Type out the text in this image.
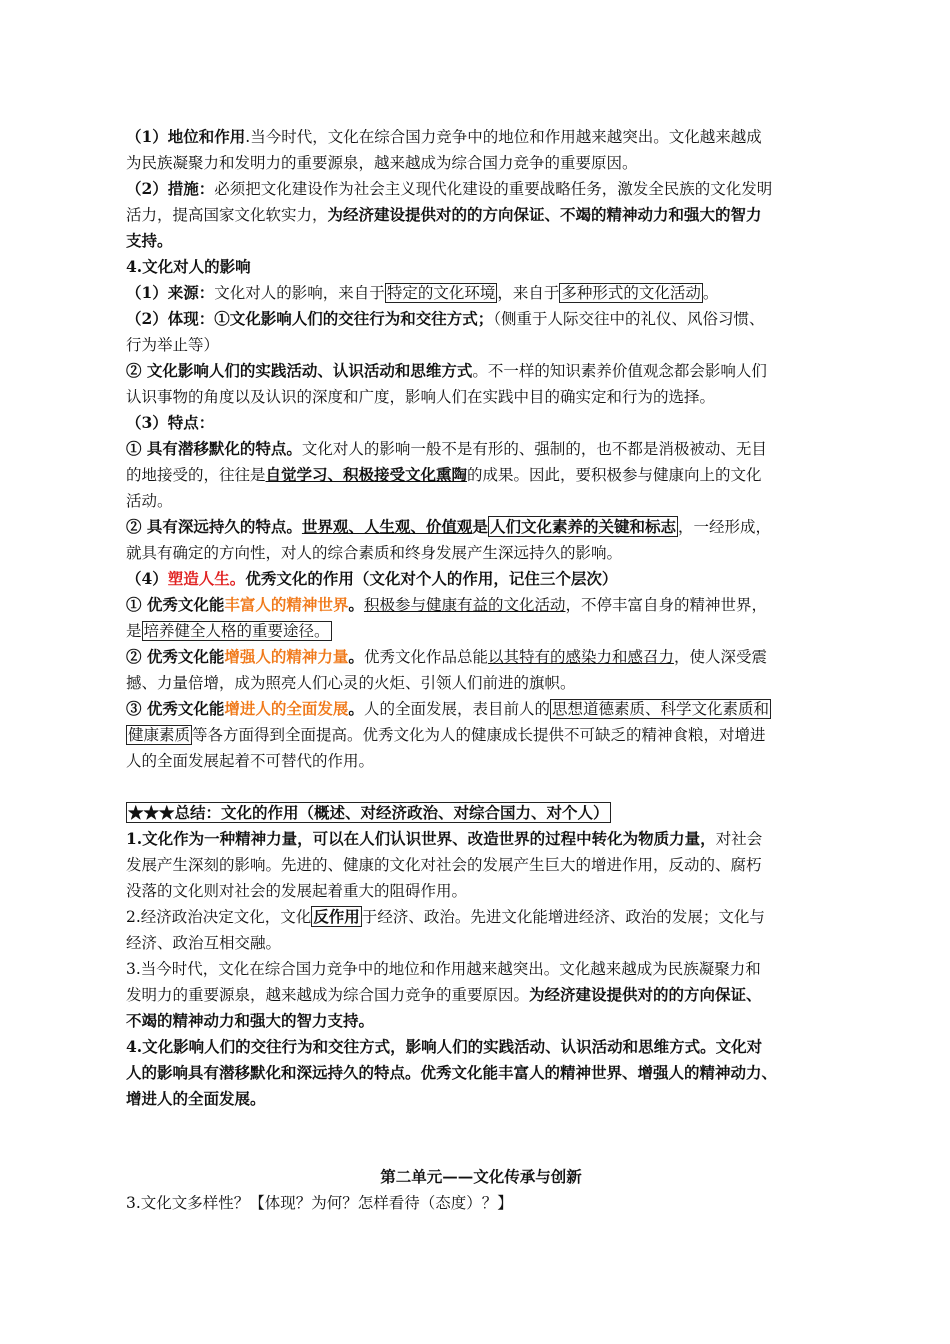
（1）地位和作用.当今时代，文化在综合国力竞争中的地位和作用越来越突出。文化越来越成
为民族凝聚力和发明力的重要源泉，越来越成为综合国力竞争的重要原因。
（2）措施：必须把文化建设作为社会主义现代化建设的重要战略任务，激发全民族的文化发明
活力，提高国家文化软实力，为经济建设提供对的的方向保证、不竭的精神动力和强大的智力
支持。
4.文化对人的影响
（1）来源：文化对人的影响，来自于 特定的文化环境 ，来自于 多种形式的文化活动 。
（2）体现：①文化影响人们的交往行为和交往方式；（侧重于人际交往中的礼仪、风俗习惯、
行为举止等）
② 文化影响人们的实践活动、认识活动和思维方式。不一样的知识素养价值观念都会影响人们
认识事物的角度以及认识的深度和广度，影响人们在实践中目的确实定和行为的选择。
（3）特点：
① 具有潜移默化的特点。文化对人的影响一般不是有形的、强制的，也不都是消极被动、无目
的地接受的，往往是自觉学习、积极接受文化熏陶的成果。因此，要积极参与健康向上的文化
活动。
② 具有深远持久的特点。世界观、人生观、价值观是 人们文化素养的关键和标志 ，一经形成，
就具有确定的方向性，对人的综合素质和终身发展产生深远持久的影响。
（4）塑造人生。优秀文化的作用（文化对个人的作用，记住三个层次）
① 优秀文化能丰富人的精神世界。积极参与健康有益的文化活动，不停丰富自身的精神世界，
是 培养健全人格的重要途径。
② 优秀文化能增强人的精神力量。优秀文化作品总能以其特有的感染力和感召力，使人深受震
撼、力量倍增，成为照亮人们心灵的火炬、引领人们前进的旗帜。
③ 优秀文化能增进人的全面发展。人的全面发展，表目前人的 思想道德素质、科学文化素质和
健康素质 等各方面得到全面提高。优秀文化为人的健康成长提供不可缺乏的精神食粮，对增进
人的全面发展起着不可替代的作用。
★★★总结：文化的作用（概述、对经济政治、对综合国力、对个人）
1.文化作为一种精神力量，可以在人们认识世界、改造世界的过程中转化为物质力量，对社会
发展产生深刻的影响。先进的、健康的文化对社会的发展产生巨大的增进作用，反动的、腐朽
没落的文化则对社会的发展起着重大的阻碍作用。
2.经济政治决定文化，文化 反作用 于经济、政治。先进文化能增进经济、政治的发展；文化与
经济、政治互相交融。
3.当今时代，文化在综合国力竞争中的地位和作用越来越突出。文化越来越成为民族凝聚力和
发明力的重要源泉，越来越成为综合国力竞争的重要原因。为经济建设提供对的的方向保证、
不竭的精神动力和强大的智力支持。
4.文化影响人们的交往行为和交往方式，影响人们的实践活动、认识活动和思维方式。文化对
人的影响具有潜移默化和深远持久的特点。优秀文化能丰富人的精神世界、增强人的精神动力、
增进人的全面发展。
第二单元——文化传承与创新
3.文化文多样性？【体现？为何？怎样看待（态度）？】
